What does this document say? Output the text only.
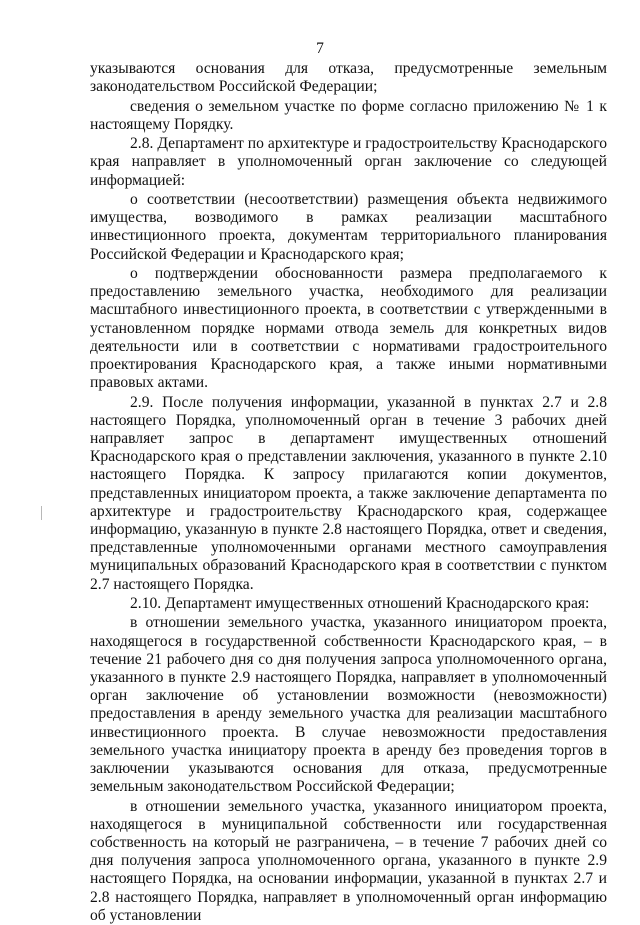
7

указываются основания для отказа, предусмотренные земельным законодательством Российской Федерации;

сведения о земельном участке по форме согласно приложению № 1 к настоящему Порядку.

2.8. Департамент по архитектуре и градостроительству Краснодарского края направляет в уполномоченный орган заключение со следующей информацией:

о соответствии (несоответствии) размещения объекта недвижимого имущества, возводимого в рамках реализации масштабного инвестиционного проекта, документам территориального планирования Российской Федерации и Краснодарского края;

о подтверждении обоснованности размера предполагаемого к предоставлению земельного участка, необходимого для реализации масштабного инвестиционного проекта, в соответствии с утвержденными в установленном порядке нормами отвода земель для конкретных видов деятельности или в соответствии с нормативами градостроительного проектирования Краснодарского края, а также иными нормативными правовых актами.

2.9. После получения информации, указанной в пунктах 2.7 и 2.8 настоящего Порядка, уполномоченный орган в течение 3 рабочих дней направляет запрос в департамент имущественных отношений Краснодарского края о представлении заключения, указанного в пункте 2.10 настоящего Порядка. К запросу прилагаются копии документов, представленных инициатором проекта, а также заключение департамента по архитектуре и градостроительству Краснодарского края, содержащее информацию, указанную в пункте 2.8 настоящего Порядка, ответ и сведения, представленные уполномоченными органами местного самоуправления муниципальных образований Краснодарского края в соответствии с пунктом 2.7 настоящего Порядка.

2.10. Департамент имущественных отношений Краснодарского края:

в отношении земельного участка, указанного инициатором проекта, находящегося в государственной собственности Краснодарского края, – в течение 21 рабочего дня со дня получения запроса уполномоченного органа, указанного в пункте 2.9 настоящего Порядка, направляет в уполномоченный орган заключение об установлении возможности (невозможности) предоставления в аренду земельного участка для реализации масштабного инвестиционного проекта. В случае невозможности предоставления земельного участка инициатору проекта в аренду без проведения торгов в заключении указываются основания для отказа, предусмотренные земельным законодательством Российской Федерации;

в отношении земельного участка, указанного инициатором проекта, находящегося в муниципальной собственности или государственная собственность на который не разграничена, – в течение 7 рабочих дней со дня получения запроса уполномоченного органа, указанного в пункте 2.9 настоящего Порядка, на основании информации, указанной в пунктах 2.7 и 2.8 настоящего Порядка, направляет в уполномоченный орган информацию об установлении
